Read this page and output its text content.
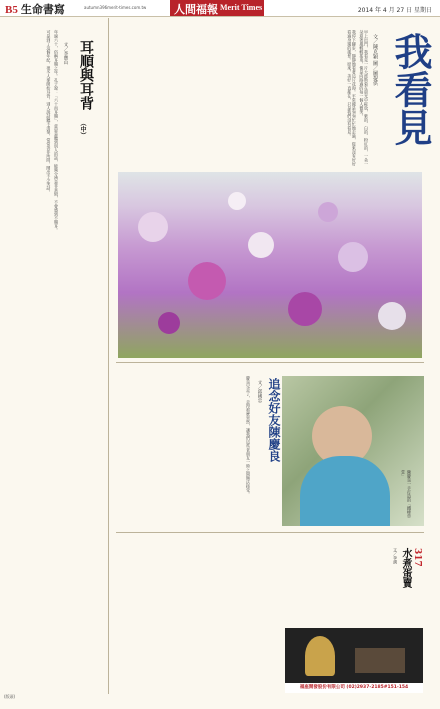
B5 生命書寫	autumn396merit-times.com.tw	人間福報 Merit Times	2014 年 4 月 27 日 星期日
我看見
文／陳克穎 圖／圖提供

早上出門，我看見一片大波斯菊在晨光中綻放，紫的、白的、粉紅的，一朵一朵迎著風輕輕搖曳，像是向路過的每一個人微笑。

我停下腳步，靜靜地看著這片花海。平常總是匆匆忙忙地走過，從來沒有好好看過身邊的風景。原來，美好一直都在，只是我們沒有看見。

耳順與耳背
（中）
文／李寶山

年過六十，俗稱耳順之年。孔子說：「六十而耳順」，意思是聽到別人的話，能夠分辨是非真假，不會感到不順耳。

可是到了這個年紀，很多人卻開始耳背，別人說話聽不清楚，常常答非所問，鬧出不少笑話。

追念好友陳慶良
文／邱國忠
陳慶良一手打造的「鐵峰草堂」

慶良兄走了，走得那麼突然，讓我們這些老朋友一時之間無法接受。

317
水煮蛋賣
文／李潤
福座開發股份有限公司 (02)2937-2185#151-154
(版頭)
